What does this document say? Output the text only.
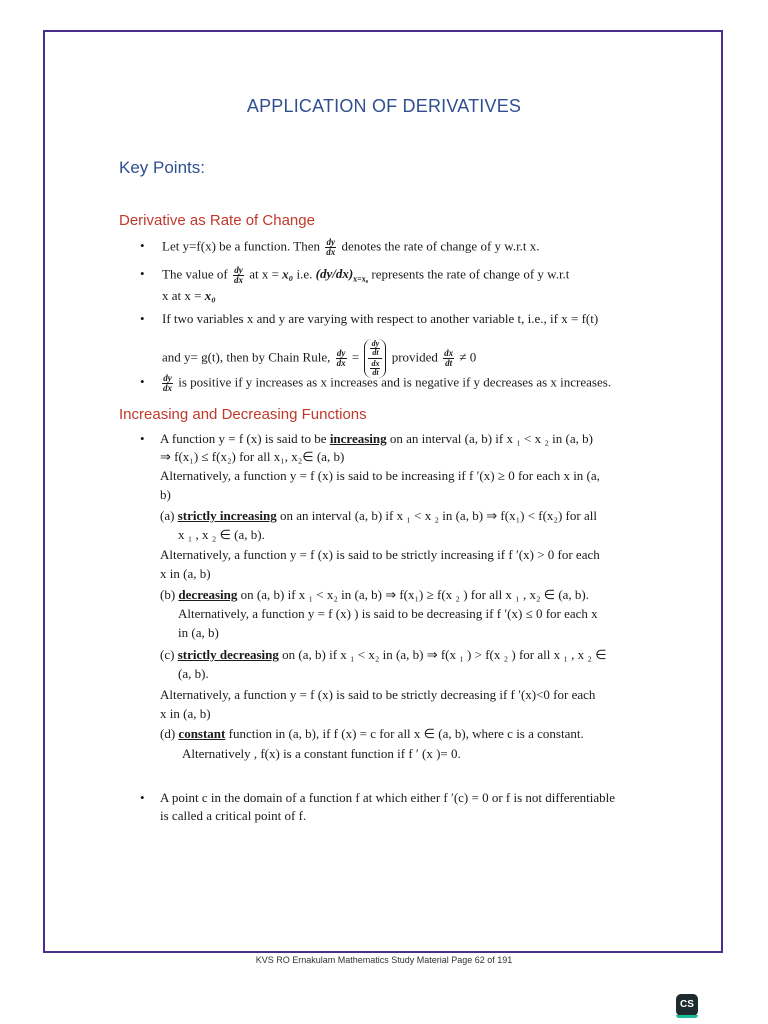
APPLICATION OF DERIVATIVES
Key Points:
Derivative as Rate of Change
• Let y=f(x) be a function. Then $\frac{dy}{dx}$ denotes the rate of change of y w.r.t x.
• The value of $\frac{dy}{dx}$ at x = x₀ i.e. $(dy/dx)_{x=x_0}$ represents the rate of change of y w.r.t
x at x = x₀
• If two variables x and y are varying with respect to another variable t, i.e., if x = f(t)
and y= g(t), then by Chain Rule, $\frac{dy}{dx}$ =
dy
dt
dx
dt
provided $\frac{dx}{dt} \ne 0$
• $\frac{dy}{dx}$ is positive if y increases as x increases and is negative if y decreases as x increases.
Increasing and Decreasing Functions
• A function y = f (x) is said to be increasing on an interval (a, b) if x ₁ < x ₂ in (a, b)
⇒ f(x₁) ≤ f(x₂) for all x₁, x₂∈ (a, b)
Alternatively, a function y = f (x) is said to be increasing if f ′(x) ≥ 0 for each x in (a,
b)
(a) strictly increasing on an interval (a, b) if x ₁ < x ₂ in (a, b) ⇒ f(x₁) < f(x₂) for all
x ₁ , x ₂ ∈ (a, b).
Alternatively, a function y = f (x) is said to be strictly increasing if f ′(x) > 0 for each
x in (a, b)
(b) decreasing on (a, b) if x ₁ < x₂ in (a, b) ⇒ f(x₁) ≥ f(x ₂ ) for all x ₁ , x₂ ∈ (a, b).
Alternatively, a function y = f (x) ) is said to be decreasing if f ′(x) ≤ 0 for each x
in (a, b)
(c) strictly decreasing on (a, b) if x ₁ < x₂ in (a, b) ⇒ f(x ₁ ) > f(x ₂ ) for all x ₁ , x ₂ ∈
(a, b).
Alternatively, a function y = f (x) is said to be strictly decreasing if f ′(x)<0 for each
x in (a, b)
(d) constant function in (a, b), if f (x) = c for all x ∈ (a, b), where c is a constant.
Alternatively , f(x) is a constant function if f ′ (x )= 0.
• A point c in the domain of a function f at which either f ′(c) = 0 or f is not differentiable
is called a critical point of f.
KVS RO Ernakulam Mathematics Study Material Page 62 of 191
CS
